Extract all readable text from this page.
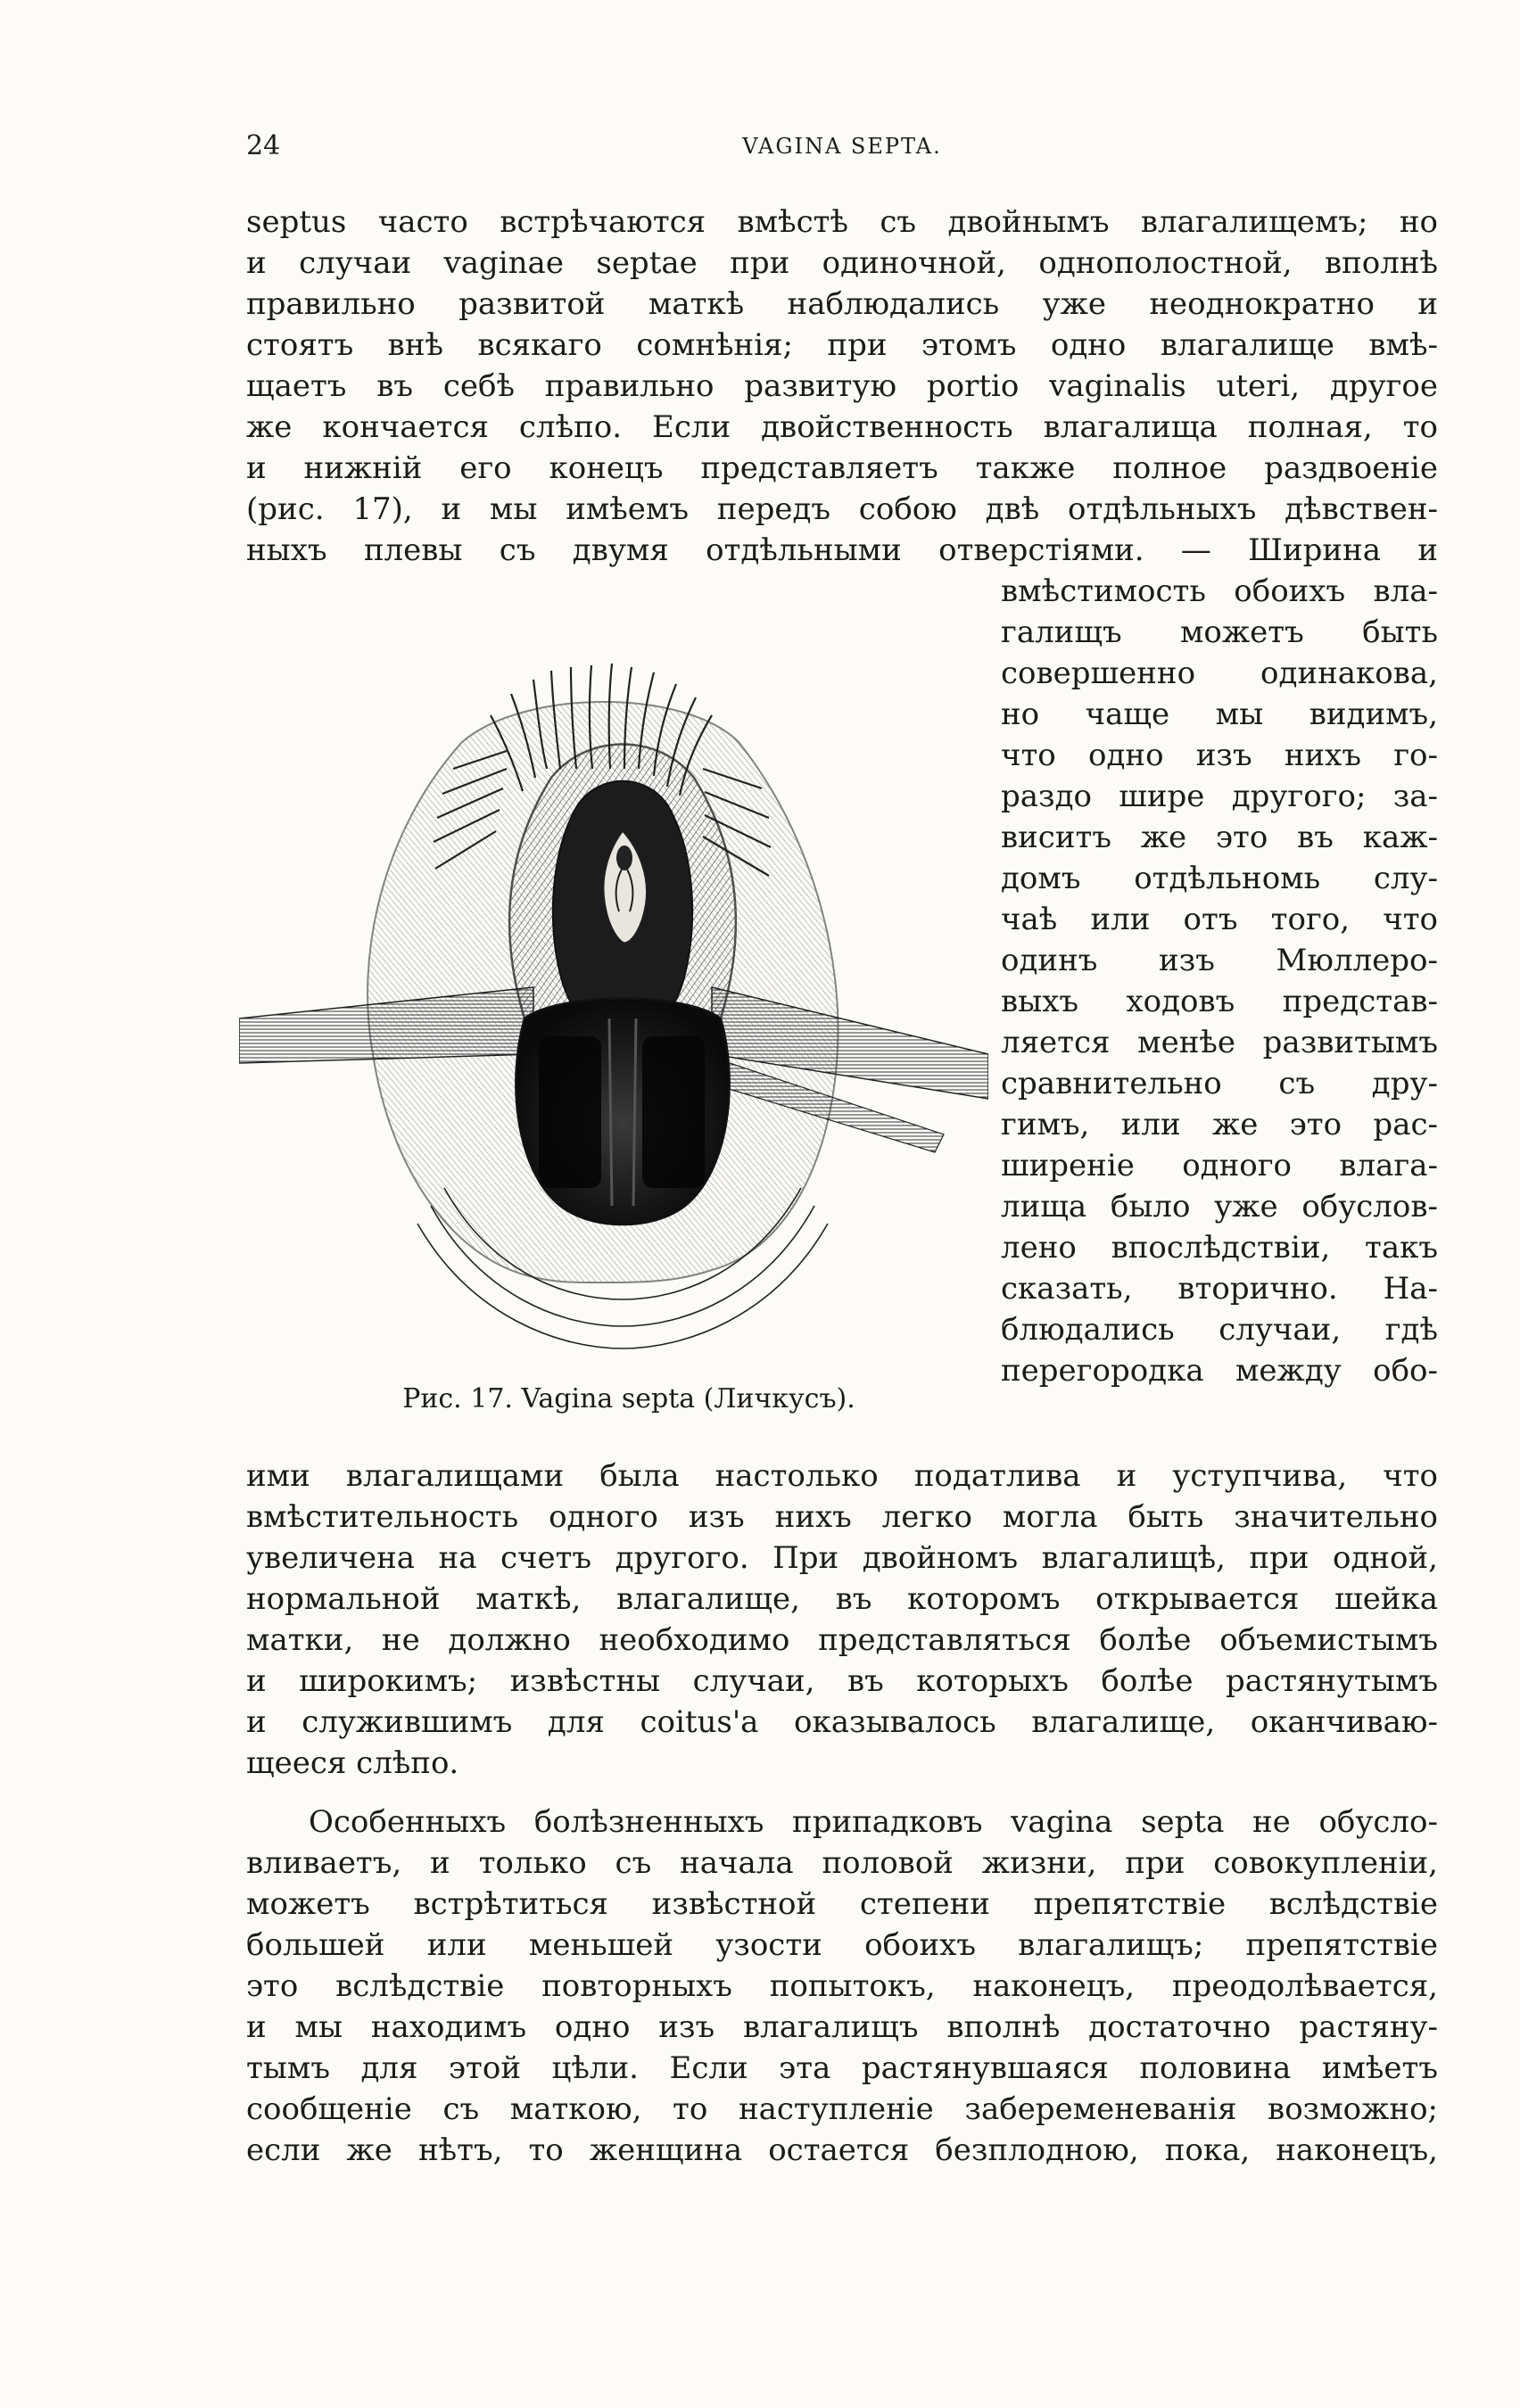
24	VAGINA SEPTA.
septus часто встрѣчаются вмѣстѣ съ двойнымъ влагалищемъ; но
и случаи vaginae septae при одиночной, однополостной, вполнѣ
правильно развитой маткѣ наблюдались уже неоднократно и
стоятъ внѣ всякаго сомнѣнія; при этомъ одно влагалище вмѣ-
щаетъ въ себѣ правильно развитую portio vaginalis uteri, другое
же кончается слѣпо. Если двойственность влагалища полная, то
и нижній его конецъ представляетъ также полное раздвоеніе
(рис. 17), и мы имѣемъ передъ собою двѣ отдѣльныхъ дѣвствен-
ныхъ плевы съ двумя отдѣльными отверстіями. — Ширина и
вмѣстимость обоихъ вла-
галищъ можетъ быть
совершенно одинакова,
но чаще мы видимъ,
что одно изъ нихъ го-
раздо шире другого; за-
виситъ же это въ каж-
домъ отдѣльномь слу-
чаѣ или отъ того, что
одинъ изъ Мюллеро-
выхъ ходовъ представ-
ляется менѣе развитымъ
сравнительно съ дру-
гимъ, или же это рас-
ширеніе одного влага-
лища было уже обуслов-
лено впослѣдствіи, такъ
сказать, вторично. На-
блюдались случаи, гдѣ
перегородка между обо-
ими влагалищами была настолько податлива и уступчива, что
вмѣстительность одного изъ нихъ легко могла быть значительно
увеличена на счетъ другого. При двойномъ влагалищѣ, при одной,
нормальной маткѣ, влагалище, въ которомъ открывается шейка
матки, не должно необходимо представляться болѣе объемистымъ
и широкимъ; извѣстны случаи, въ которыхъ болѣе растянутымъ
и служившимъ для coitus'a оказывалось влагалище, оканчиваю-
щееся слѣпо.
Особенныхъ болѣзненныхъ припадковъ vagina septa не обусло-
вливаетъ, и только съ начала половой жизни, при совокупленіи,
можетъ встрѣтиться извѣстной степени препятствіе вслѣдствіе
большей или меньшей узости обоихъ влагалищъ; препятствіе
это вслѣдствіе повторныхъ попытокъ, наконецъ, преодолѣвается,
и мы находимъ одно изъ влагалищъ вполнѣ достаточно растяну-
тымъ для этой цѣли. Если эта растянувшаяся половина имѣетъ
сообщеніе съ маткою, то наступленіе забеременеванія возможно;
если же нѣтъ, то женщина остается безплодною, пока, наконецъ,
Рис. 17. Vagina septa (Личкусъ).
